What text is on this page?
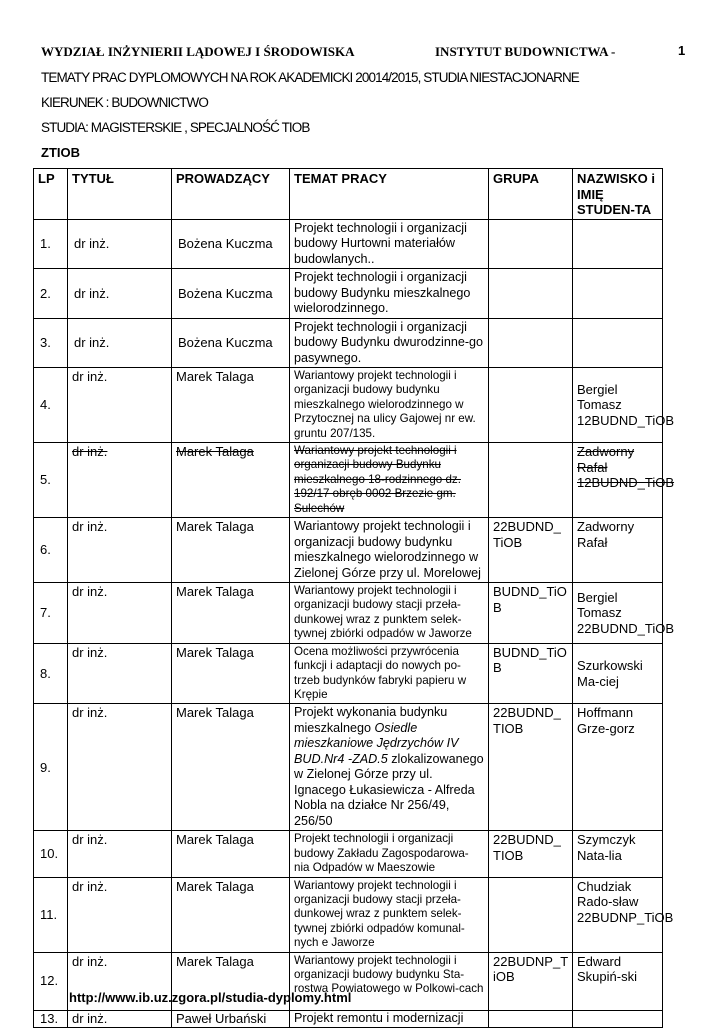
WYDZIAŁ INŻYNIERII LĄDOWEJ I ŚRODOWISKA	INSTYTUT BUDOWNICTWA -	1
TEMATY PRAC DYPLOMOWYCH NA ROK AKADEMICKI 20014/2015, STUDIA NIESTACJONARNE
KIERUNEK : BUDOWNICTWO
STUDIA: MAGISTERSKIE , SPECJALNOŚĆ TIOB
ZTIOB
LP	TYTUŁ	PROWADZĄCY	TEMAT PRACY	GRUPA	NAZWISKO i IMIĘ STUDEN-TA
1.	dr inż.	Bożena Kuczma	Projekt technologii i organizacji budowy Hurtowni materiałów budowlanych..		
2.	dr inż.	Bożena Kuczma	Projekt technologii i organizacji budowy Budynku mieszkalnego wielorodzinnego.		
3.	dr inż.	Bożena Kuczma	Projekt technologii i organizacji budowy Budynku dwurodzinne-go pasywnego.		
4.	dr inż.	Marek Talaga	Wariantowy projekt technologii i organizacji budowy budynku mieszkalnego wielorodzinnego w Przytocznej na ulicy Gajowej nr ew. gruntu 207/135.		Bergiel Tomasz 12BUDND_TiOB
5.	dr inż.	Marek Talaga	Wariantowy projekt technologii i organizacji budowy Budynku mieszkalnego 18-rodzinnego dz. 192/17 obręb 0002 Brzezie gm. Sulechów		Zadworny Rafał 12BUDND_TiOB
6.	dr inż.	Marek Talaga	Wariantowy projekt technologii i organizacji budowy budynku mieszkalnego wielorodzinnego w Zielonej Górze przy ul. Morelowej	22BUDND_ TiOB	Zadworny Rafał
7.	dr inż.	Marek Talaga	Wariantowy projekt technologii i organizacji budowy stacji przeła-dunkowej wraz z punktem selek-tywnej zbiórki odpadów w Jaworze	BUDND_TiO B	Bergiel Tomasz 22BUDND_TiOB
8.	dr inż.	Marek Talaga	Ocena możliwości przywrócenia funkcji i adaptacji do nowych po-trzeb budynków fabryki papieru w Krępie	BUDND_TiO B	Szurkowski Ma-ciej
9.	dr inż.	Marek Talaga	Projekt wykonania budynku mieszkalnego Osiedle mieszkaniowe Jędrzychów IV BUD.Nr4 -ZAD.5 zlokalizowanego w Zielonej Górze przy ul. Ignacego Łukasiewicza - Alfreda Nobla na działce Nr 256/49, 256/50	22BUDND_ TIOB	Hoffmann Grze-gorz
10.	dr inż.	Marek Talaga	Projekt technologii i organizacji budowy Zakładu Zagospodarowa-nia Odpadów w Maeszowie	22BUDND_ TIOB	Szymczyk Nata-lia
11.	dr inż.	Marek Talaga	Wariantowy projekt technologii i organizacji budowy stacji przeła-dunkowej wraz z punktem selek-tywnej zbiórki odpadów komunal-nych e Jaworze		Chudziak Rado-sław 22BUDNP_TiOB
12.	dr inż.	Marek Talaga	Wariantowy projekt technologii i organizacji budowy budynku Sta-rostwa Powiatowego w Polkowi-cach	22BUDNP_T iOB	Edward Skupiń-ski
13.	dr inż.	Paweł Urbański	Projekt remontu i modernizacji		
http://www.ib.uz.zgora.pl/studia-dyplomy.html
